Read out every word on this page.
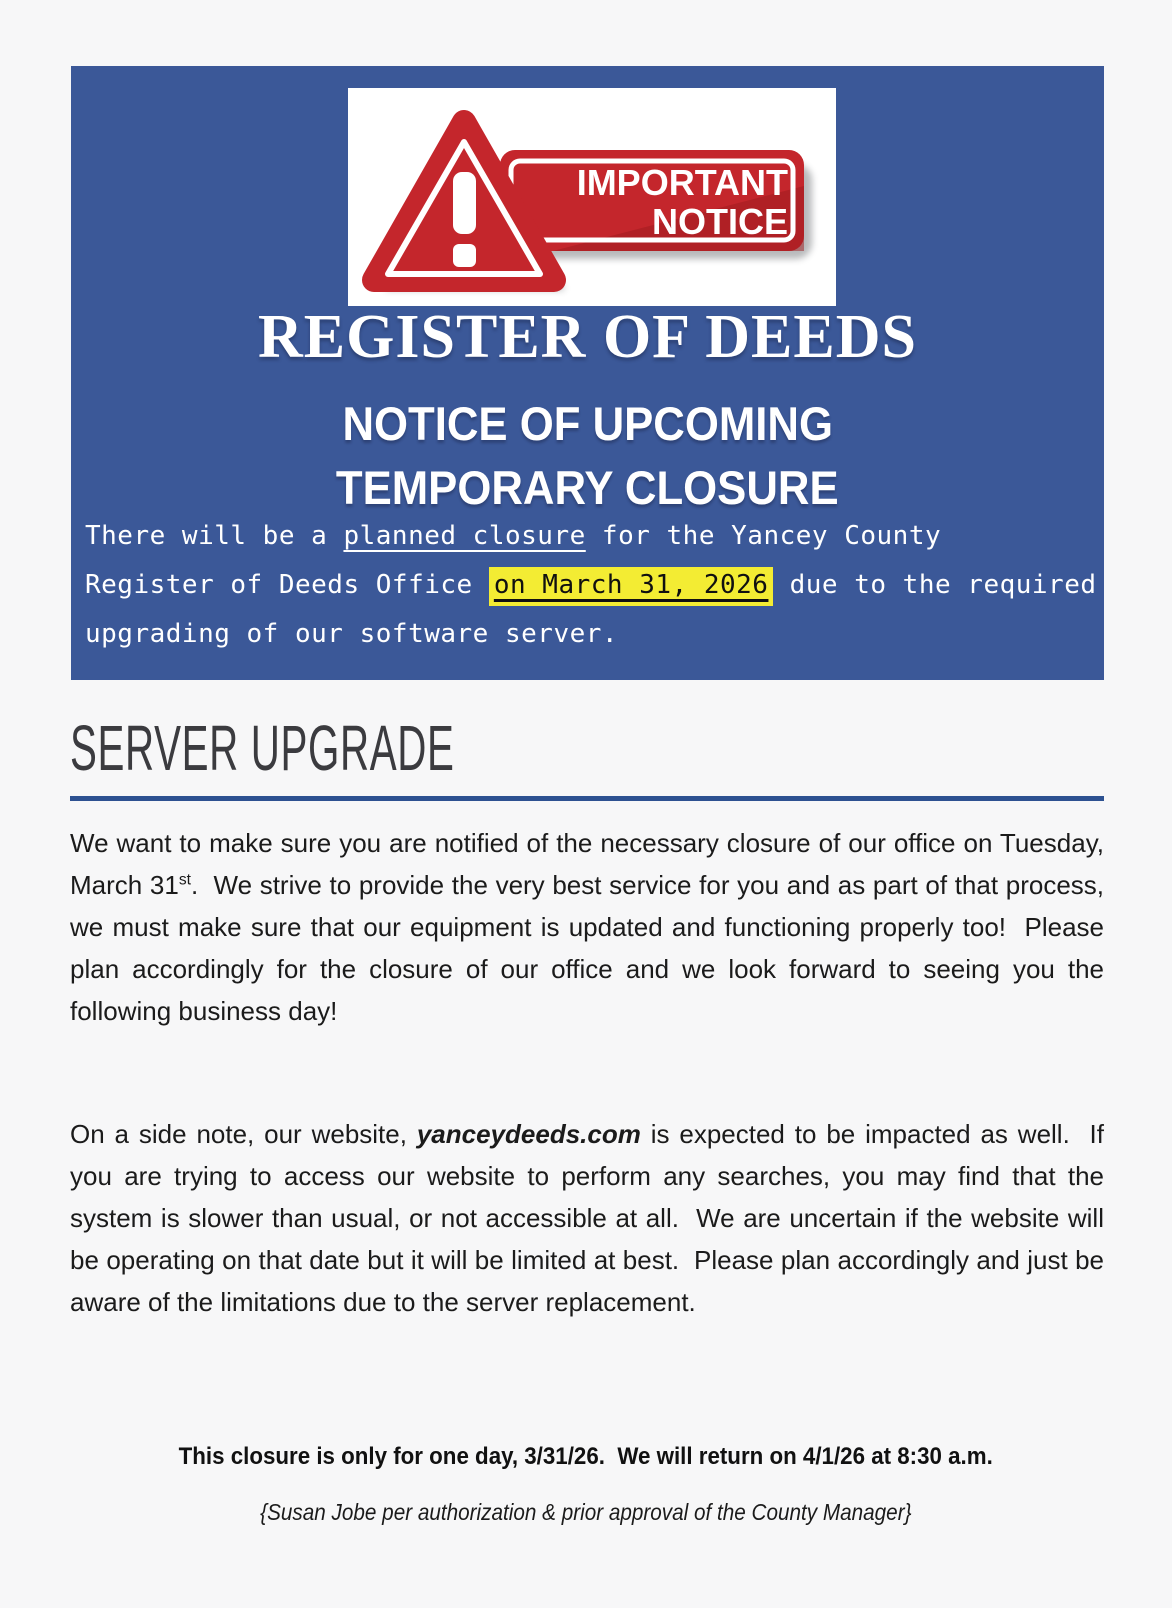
IMPORTANT
NOTICE
REGISTER OF DEEDS
NOTICE OF UPCOMING
TEMPORARY CLOSURE
There will be a planned closure for the Yancey County
Register of Deeds Office on March 31, 2026 due to the required
upgrading of our software server.
SERVER UPGRADE

We want to make sure you are notified of the necessary closure of our office on Tuesday, March 31st.  We strive to provide the very best service for you and as part of that process, we must make sure that our equipment is updated and functioning properly too!  Please plan accordingly for the closure of our office and we look forward to seeing you the following business day!

On a side note, our website, yanceydeeds.com is expected to be impacted as well.  If you are trying to access our website to perform any searches, you may find that the system is slower than usual, or not accessible at all.  We are uncertain if the website will be operating on that date but it will be limited at best.  Please plan accordingly and just be aware of the limitations due to the server replacement.

This closure is only for one day, 3/31/26.  We will return on 4/1/26 at 8:30 a.m.

{Susan Jobe per authorization & prior approval of the County Manager}
